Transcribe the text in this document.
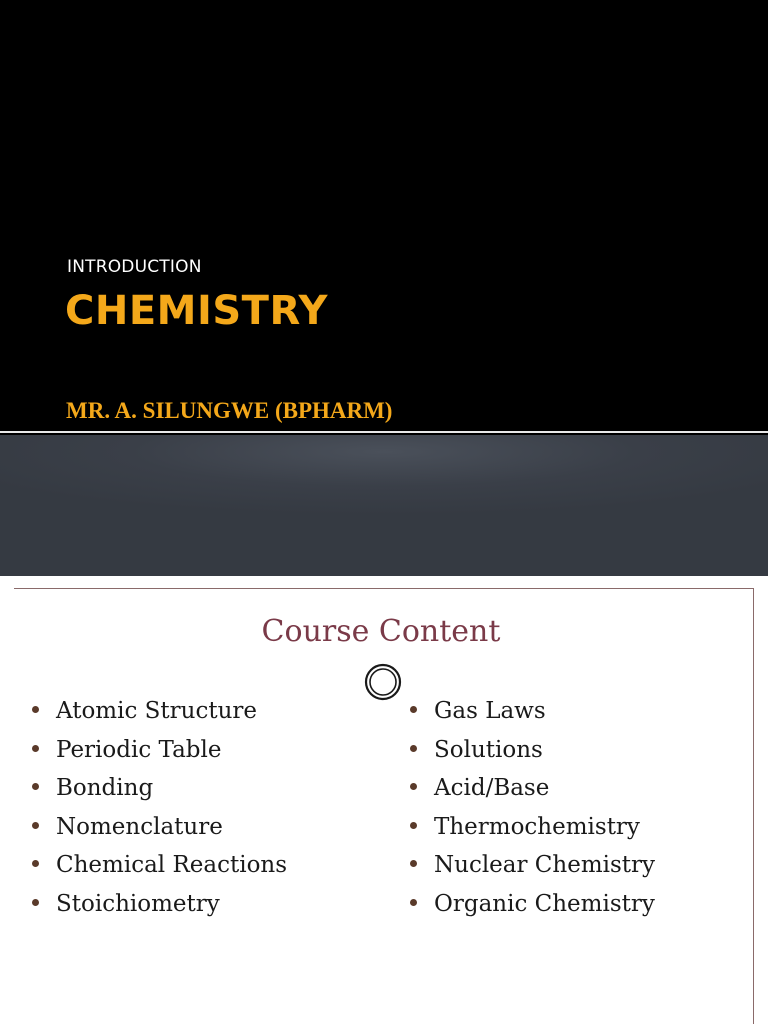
INTRODUCTION
CHEMISTRY
MR. A. SILUNGWE (BPHARM)
Course Content
Atomic Structure
Periodic Table
Bonding
Nomenclature
Chemical Reactions
Stoichiometry
Gas Laws
Solutions
Acid/Base
Thermochemistry
Nuclear Chemistry
Organic Chemistry
